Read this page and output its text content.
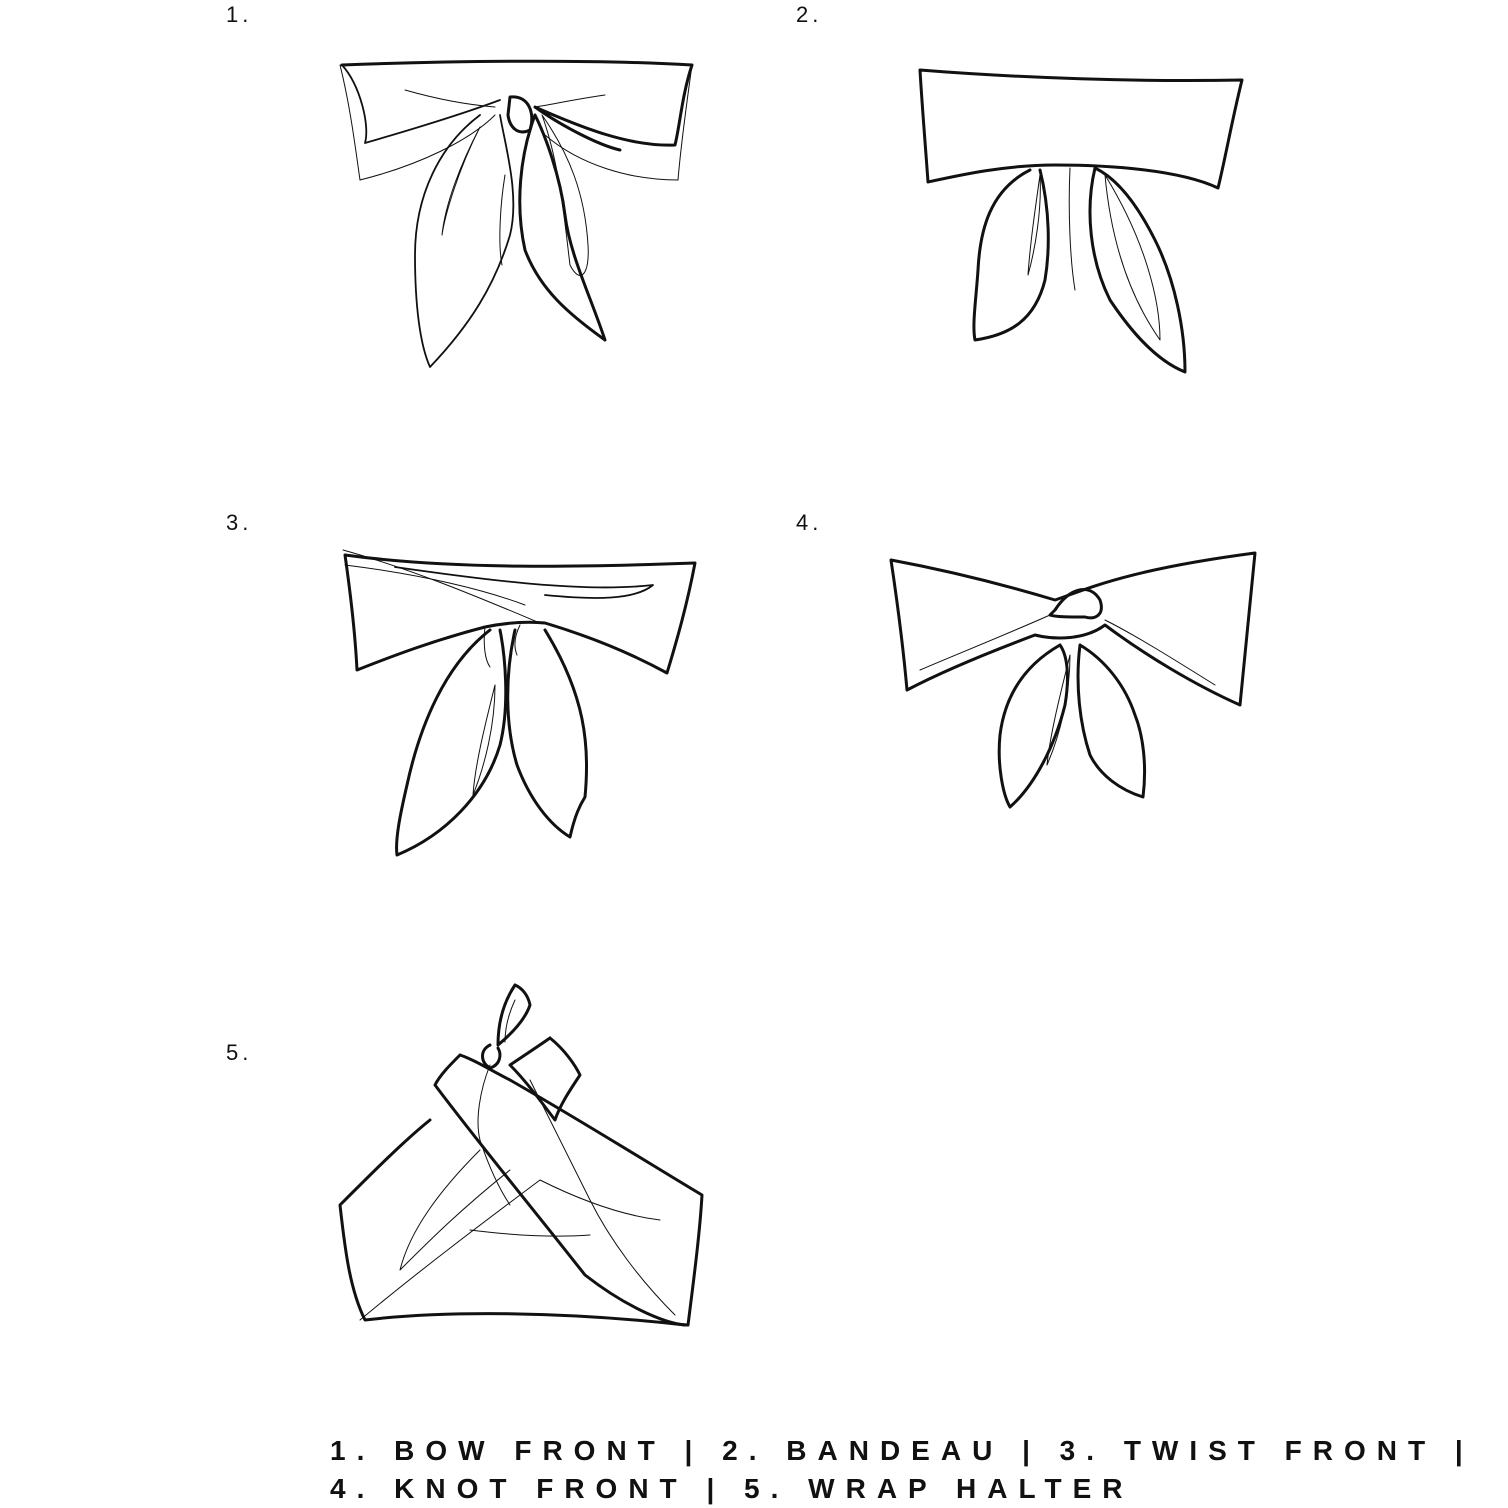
1.	2.
3.	4.
5.
1. BOW FRONT | 2. BANDEAU | 3. TWIST FRONT |
4. KNOT FRONT | 5. WRAP HALTER
